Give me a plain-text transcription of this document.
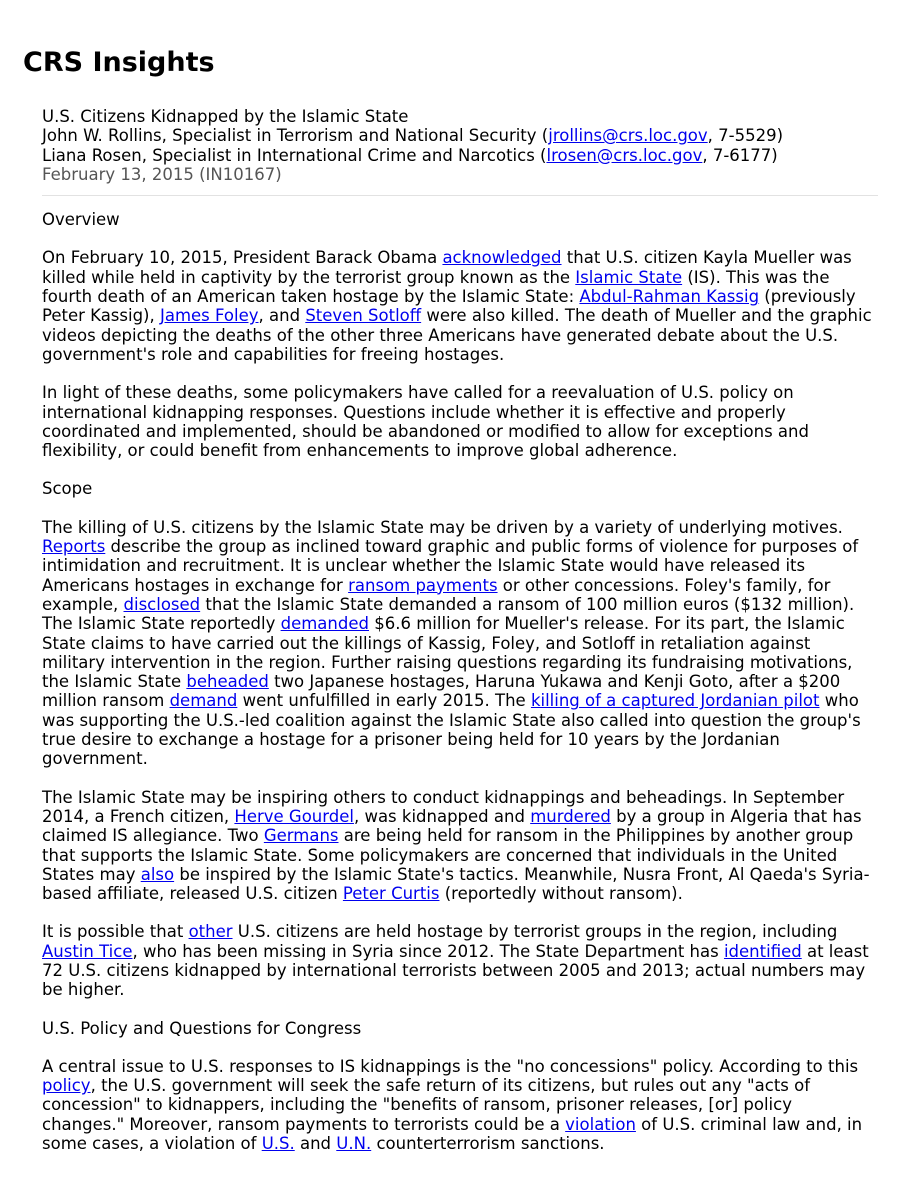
CRS Insights
U.S. Citizens Kidnapped by the Islamic State
John W. Rollins, Specialist in Terrorism and National Security (jrollins@crs.loc.gov, 7-5529)
Liana Rosen, Specialist in International Crime and Narcotics (lrosen@crs.loc.gov, 7-6177)
February 13, 2015 (IN10167)
Overview

On February 10, 2015, President Barack Obama acknowledged that U.S. citizen Kayla Mueller was killed while held in captivity by the terrorist group known as the Islamic State (IS). This was the fourth death of an American taken hostage by the Islamic State: Abdul-Rahman Kassig (previously Peter Kassig), James Foley, and Steven Sotloff were also killed. The death of Mueller and the graphic videos depicting the deaths of the other three Americans have generated debate about the U.S. government's role and capabilities for freeing hostages.

In light of these deaths, some policymakers have called for a reevaluation of U.S. policy on international kidnapping responses. Questions include whether it is effective and properly coordinated and implemented, should be abandoned or modified to allow for exceptions and flexibility, or could benefit from enhancements to improve global adherence.

Scope

The killing of U.S. citizens by the Islamic State may be driven by a variety of underlying motives. Reports describe the group as inclined toward graphic and public forms of violence for purposes of intimidation and recruitment. It is unclear whether the Islamic State would have released its Americans hostages in exchange for ransom payments or other concessions. Foley's family, for example, disclosed that the Islamic State demanded a ransom of 100 million euros ($132 million). The Islamic State reportedly demanded $6.6 million for Mueller's release. For its part, the Islamic State claims to have carried out the killings of Kassig, Foley, and Sotloff in retaliation against military intervention in the region. Further raising questions regarding its fundraising motivations, the Islamic State beheaded two Japanese hostages, Haruna Yukawa and Kenji Goto, after a $200 million ransom demand went unfulfilled in early 2015. The killing of a captured Jordanian pilot who was supporting the U.S.-led coalition against the Islamic State also called into question the group's true desire to exchange a hostage for a prisoner being held for 10 years by the Jordanian government.

The Islamic State may be inspiring others to conduct kidnappings and beheadings. In September 2014, a French citizen, Herve Gourdel, was kidnapped and murdered by a group in Algeria that has claimed IS allegiance. Two Germans are being held for ransom in the Philippines by another group that supports the Islamic State. Some policymakers are concerned that individuals in the United States may also be inspired by the Islamic State's tactics. Meanwhile, Nusra Front, Al Qaeda's Syria-based affiliate, released U.S. citizen Peter Curtis (reportedly without ransom).

It is possible that other U.S. citizens are held hostage by terrorist groups in the region, including Austin Tice, who has been missing in Syria since 2012. The State Department has identified at least 72 U.S. citizens kidnapped by international terrorists between 2005 and 2013; actual numbers may be higher.

U.S. Policy and Questions for Congress

A central issue to U.S. responses to IS kidnappings is the "no concessions" policy. According to this policy, the U.S. government will seek the safe return of its citizens, but rules out any "acts of concession" to kidnappers, including the "benefits of ransom, prisoner releases, [or] policy changes." Moreover, ransom payments to terrorists could be a violation of U.S. criminal law and, in some cases, a violation of U.S. and U.N. counterterrorism sanctions.
